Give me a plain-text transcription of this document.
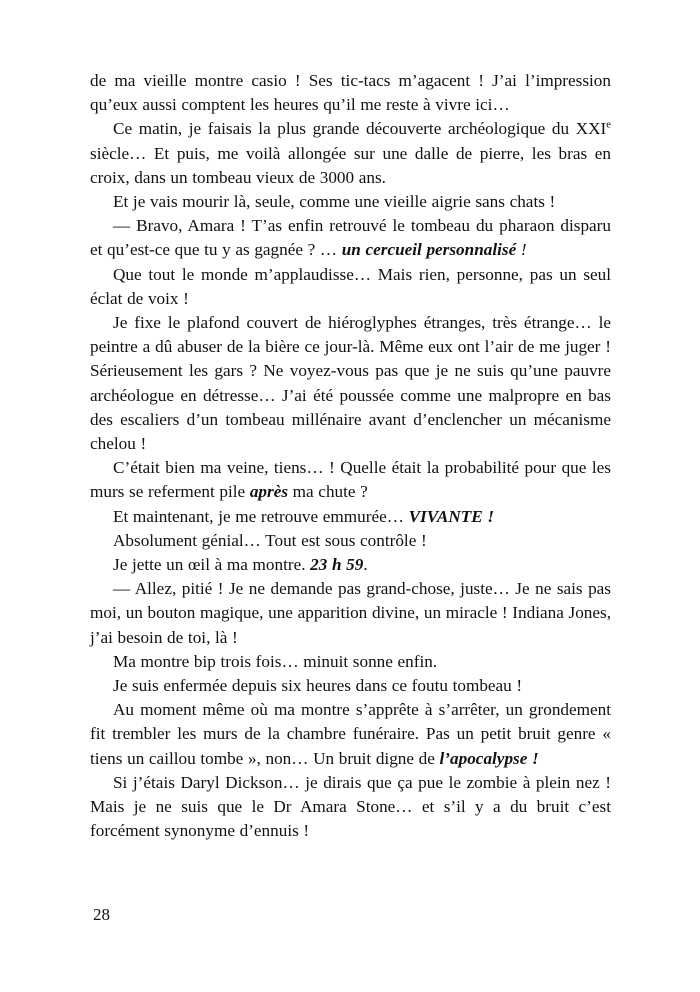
de ma vieille montre casio ! Ses tic-tacs m’agacent ! J’ai l’impression qu’eux aussi comptent les heures qu’il me reste à vivre ici…

Ce matin, je faisais la plus grande découverte archéologique du XXIe siècle… Et puis, me voilà allongée sur une dalle de pierre, les bras en croix, dans un tombeau vieux de 3000 ans.

Et je vais mourir là, seule, comme une vieille aigrie sans chats !

— Bravo, Amara ! T’as enfin retrouvé le tombeau du pharaon disparu et qu’est-ce que tu y as gagnée ? … un cercueil personnalisé !

Que tout le monde m’applaudisse… Mais rien, personne, pas un seul éclat de voix !

Je fixe le plafond couvert de hiéroglyphes étranges, très étrange… le peintre a dû abuser de la bière ce jour-là. Même eux ont l’air de me juger ! Sérieusement les gars ? Ne voyez-vous pas que je ne suis qu’une pauvre archéologue en détresse… J’ai été poussée comme une malpropre en bas des escaliers d’un tombeau millénaire avant d’enclencher un mécanisme chelou !

C’était bien ma veine, tiens… ! Quelle était la probabilité pour que les murs se referment pile après ma chute ?

Et maintenant, je me retrouve emmurée… VIVANTE !

Absolument génial… Tout est sous contrôle !

Je jette un œil à ma montre. 23 h 59.

— Allez, pitié ! Je ne demande pas grand-chose, juste… Je ne sais pas moi, un bouton magique, une apparition divine, un miracle ! Indiana Jones, j’ai besoin de toi, là !

Ma montre bip trois fois… minuit sonne enfin.

Je suis enfermée depuis six heures dans ce foutu tombeau !

Au moment même où ma montre s’apprête à s’arrêter, un grondement fit trembler les murs de la chambre funéraire. Pas un petit bruit genre « tiens un caillou tombe », non… Un bruit digne de l’apocalypse !

Si j’étais Daryl Dickson… je dirais que ça pue le zombie à plein nez ! Mais je ne suis que le Dr Amara Stone… et s’il y a du bruit c’est forcément synonyme d’ennuis !

28
